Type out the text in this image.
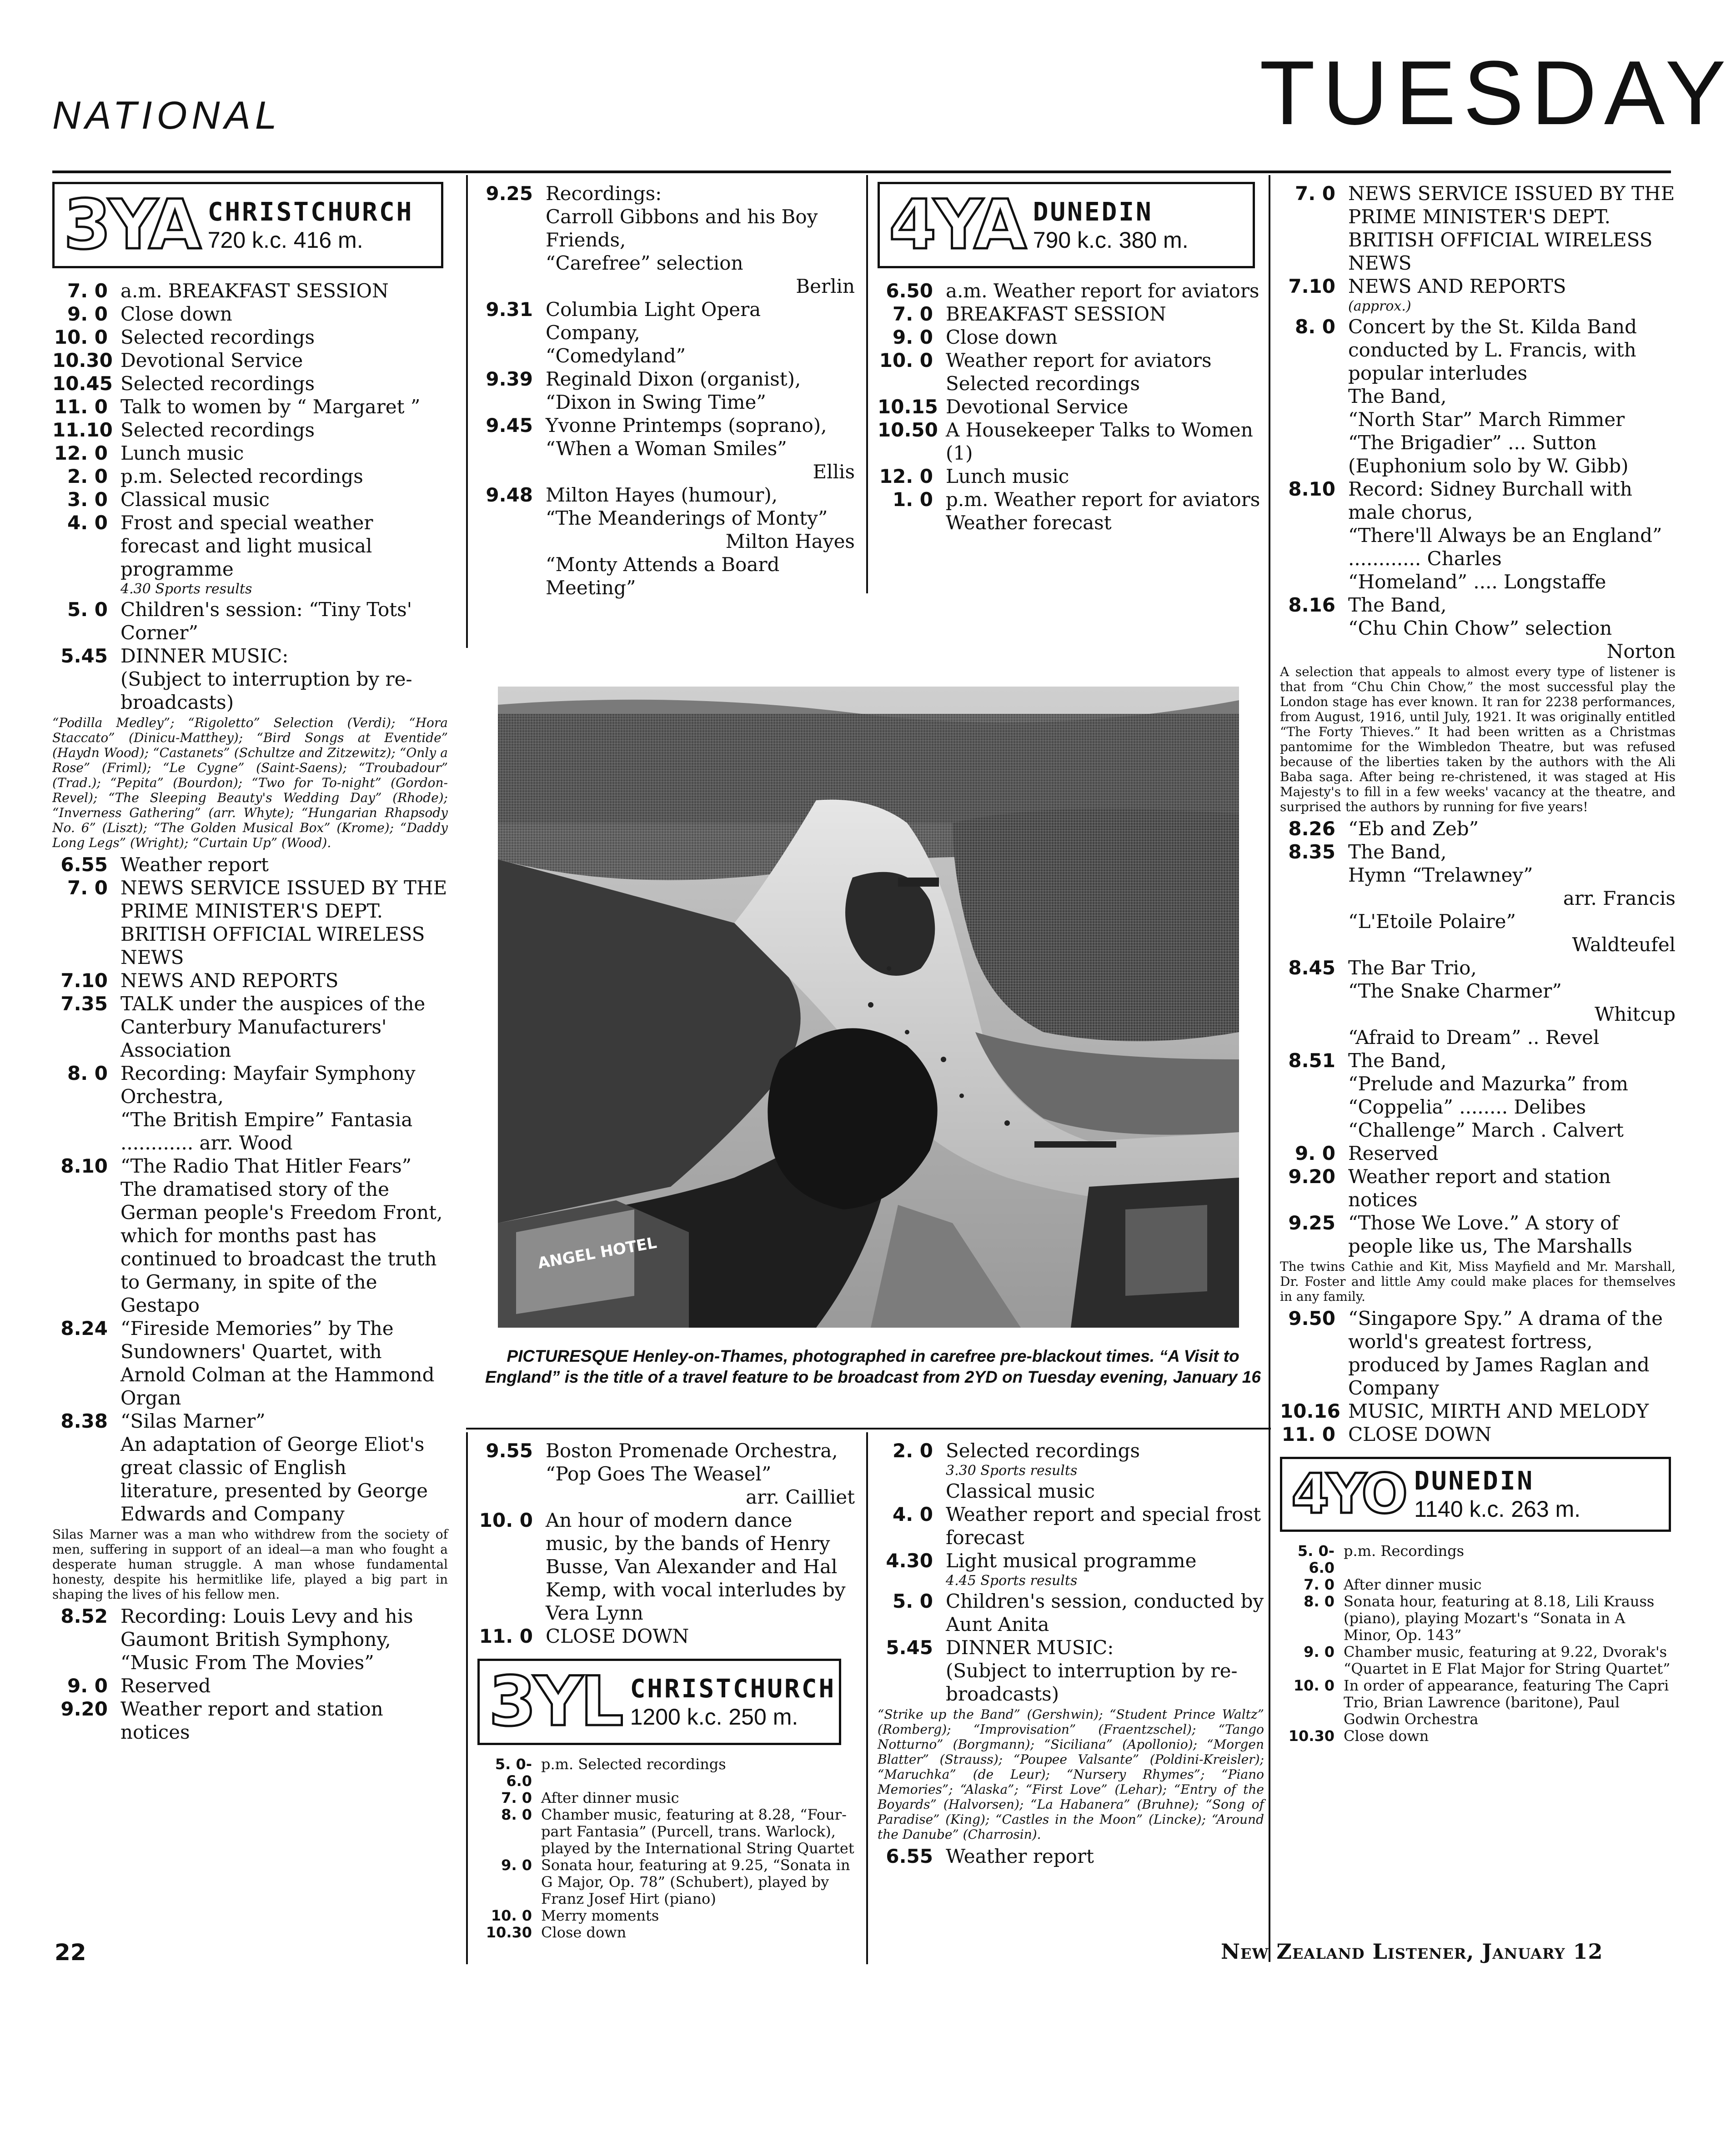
NATIONAL	TUESDAY
3YA CHRISTCHURCH
720 k.c. 416 m.
7. 0 a.m. BREAKFAST SESSION
9. 0 Close down
10. 0 Selected recordings
10.30 Devotional Service
10.45 Selected recordings
11. 0 Talk to women by “ Margaret ”
11.10 Selected recordings
12. 0 Lunch music
2. 0 p.m. Selected recordings
3. 0 Classical music
4. 0 Frost and special weather forecast and light musical programme
4.30 Sports results
5. 0 Children's session: “Tiny Tots' Corner”
5.45 DINNER MUSIC:
(Subject to interruption by re-broadcasts)
“Podilla Medley”; “Rigoletto” Selection (Verdi); “Hora Staccato” (Dinicu-Matthey); “Bird Songs at Eventide” (Haydn Wood); “Castanets” (Schultze and Zitzewitz); “Only a Rose” (Friml); “Le Cygne” (Saint-Saens); “Troubadour” (Trad.); “Pepita” (Bourdon); “Two for To-night” (Gordon-Revel); “The Sleeping Beauty's Wedding Day” (Rhode); “Inverness Gathering” (arr. Whyte); “Hungarian Rhapsody No. 6” (Liszt); “The Golden Musical Box” (Krome); “Daddy Long Legs” (Wright); “Curtain Up” (Wood).
6.55 Weather report
7. 0 NEWS SERVICE ISSUED BY THE PRIME MINISTER'S DEPT. BRITISH OFFICIAL WIRELESS NEWS
7.10 NEWS AND REPORTS
7.35 TALK under the auspices of the Canterbury Manufacturers' Association
8. 0 Recording: Mayfair Symphony Orchestra,
“The British Empire” Fantasia ............ arr. Wood
8.10 “The Radio That Hitler Fears”
The dramatised story of the German people's Freedom Front, which for months past has continued to broadcast the truth to Germany, in spite of the Gestapo
8.24 “Fireside Memories” by The Sundowners' Quartet, with Arnold Colman at the Hammond Organ
8.38 “Silas Marner”
An adaptation of George Eliot's great classic of English literature, presented by George Edwards and Company
Silas Marner was a man who withdrew from the society of men, suffering in support of an ideal—a man who fought a desperate human struggle. A man whose fundamental honesty, despite his hermitlike life, played a big part in shaping the lives of his fellow men.
8.52 Recording: Louis Levy and his Gaumont British Symphony,
“Music From The Movies”
9. 0 Reserved
9.20 Weather report and station notices
9.25 Recordings:
Carroll Gibbons and his Boy Friends,
“Carefree” selection
Berlin
9.31 Columbia Light Opera Company,
“Comedyland”
9.39 Reginald Dixon (organist),
“Dixon in Swing Time”
9.45 Yvonne Printemps (soprano),
“When a Woman Smiles”
Ellis
9.48 Milton Hayes (humour),
“The Meanderings of Monty”
Milton Hayes
“Monty Attends a Board Meeting”
9.55 Boston Promenade Orchestra,
“Pop Goes The Weasel”
arr. Cailliet
10. 0 An hour of modern dance music, by the bands of Henry Busse, Van Alexander and Hal Kemp, with vocal interludes by Vera Lynn
11. 0 CLOSE DOWN
3YL CHRISTCHURCH
1200 k.c. 250 m.
5. 0-6.0
p.m. Selected recordings
7. 0 After dinner music
8. 0 Chamber music, featuring at 8.28, “Four-part Fantasia” (Purcell, trans. Warlock), played by the International String Quartet
9. 0 Sonata hour, featuring at 9.25, “Sonata in G Major, Op. 78” (Schubert), played by Franz Josef Hirt (piano)
10. 0 Merry moments
10.30 Close down
4YA DUNEDIN
790 k.c. 380 m.
6.50 a.m. Weather report for aviators
7. 0 BREAKFAST SESSION
9. 0 Close down
10. 0 Weather report for aviators
Selected recordings
10.15 Devotional Service
10.50 A Housekeeper Talks to Women (1)
12. 0 Lunch music
1. 0 p.m. Weather report for aviators
Weather forecast
2. 0 Selected recordings
3.30 Sports results
Classical music
4. 0 Weather report and special frost forecast
4.30 Light musical programme
4.45 Sports results
5. 0 Children's session, conducted by Aunt Anita
5.45 DINNER MUSIC:
(Subject to interruption by re-broadcasts)
“Strike up the Band” (Gershwin); “Student Prince Waltz” (Romberg); “Improvisation” (Fraentzschel); “Tango Notturno” (Borgmann); “Siciliana” (Apollonio); “Morgen Blatter” (Strauss); “Poupee Valsante” (Poldini-Kreisler); “Maruchka” (de Leur); “Nursery Rhymes”; “Piano Memories”; “Alaska”; “First Love” (Lehar); “Entry of the Boyards” (Halvorsen); “La Habanera” (Bruhne); “Song of Paradise” (King); “Castles in the Moon” (Lincke); “Around the Danube” (Charrosin).
6.55 Weather report
7. 0 NEWS SERVICE ISSUED BY THE PRIME MINISTER'S DEPT. BRITISH OFFICIAL WIRELESS NEWS
7.10 NEWS AND REPORTS
(approx.)
8. 0 Concert by the St. Kilda Band conducted by L. Francis, with popular interludes
The Band,
“North Star” March Rimmer
“The Brigadier” ... Sutton
(Euphonium solo by W. Gibb)
8.10 Record: Sidney Burchall with male chorus,
“There'll Always be an England” ............ Charles
“Homeland” .... Longstaffe
8.16 The Band,
“Chu Chin Chow” selection
Norton
A selection that appeals to almost every type of listener is that from “Chu Chin Chow,” the most successful play the London stage has ever known. It ran for 2238 performances, from August, 1916, until July, 1921. It was originally entitled “The Forty Thieves.” It had been written as a Christmas pantomime for the Wimbledon Theatre, but was refused because of the liberties taken by the authors with the Ali Baba saga. After being re-christened, it was staged at His Majesty's to fill in a few weeks' vacancy at the theatre, and surprised the authors by running for five years!
8.26 “Eb and Zeb”
8.35 The Band,
Hymn “Trelawney”
arr. Francis
“L'Etoile Polaire”
Waldteufel
8.45 The Bar Trio,
“The Snake Charmer”
Whitcup
“Afraid to Dream” .. Revel
8.51 The Band,
“Prelude and Mazurka” from “Coppelia” ........ Delibes
“Challenge” March . Calvert
9. 0 Reserved
9.20 Weather report and station notices
9.25 “Those We Love.” A story of people like us, The Marshalls
The twins Cathie and Kit, Miss Mayfield and Mr. Marshall, Dr. Foster and little Amy could make places for themselves in any family.
9.50 “Singapore Spy.” A drama of the world's greatest fortress, produced by James Raglan and Company
10.16 MUSIC, MIRTH AND MELODY
11. 0 CLOSE DOWN
4YO DUNEDIN
1140 k.c. 263 m.
5. 0-6.0
p.m. Recordings
7. 0 After dinner music
8. 0 Sonata hour, featuring at 8.18, Lili Krauss (piano), playing Mozart's “Sonata in A Minor, Op. 143”
9. 0 Chamber music, featuring at 9.22, Dvorak's “Quartet in E Flat Major for String Quartet”
10. 0 In order of appearance, featuring The Capri Trio, Brian Lawrence (baritone), Paul Godwin Orchestra
10.30 Close down
ANGEL HOTEL
PICTURESQUE Henley-on-Thames, photographed in carefree pre-blackout times. “A Visit to England” is the title of a travel feature to be broadcast from 2YD on Tuesday evening, January 16
22	New Zealand Listener, January 12
